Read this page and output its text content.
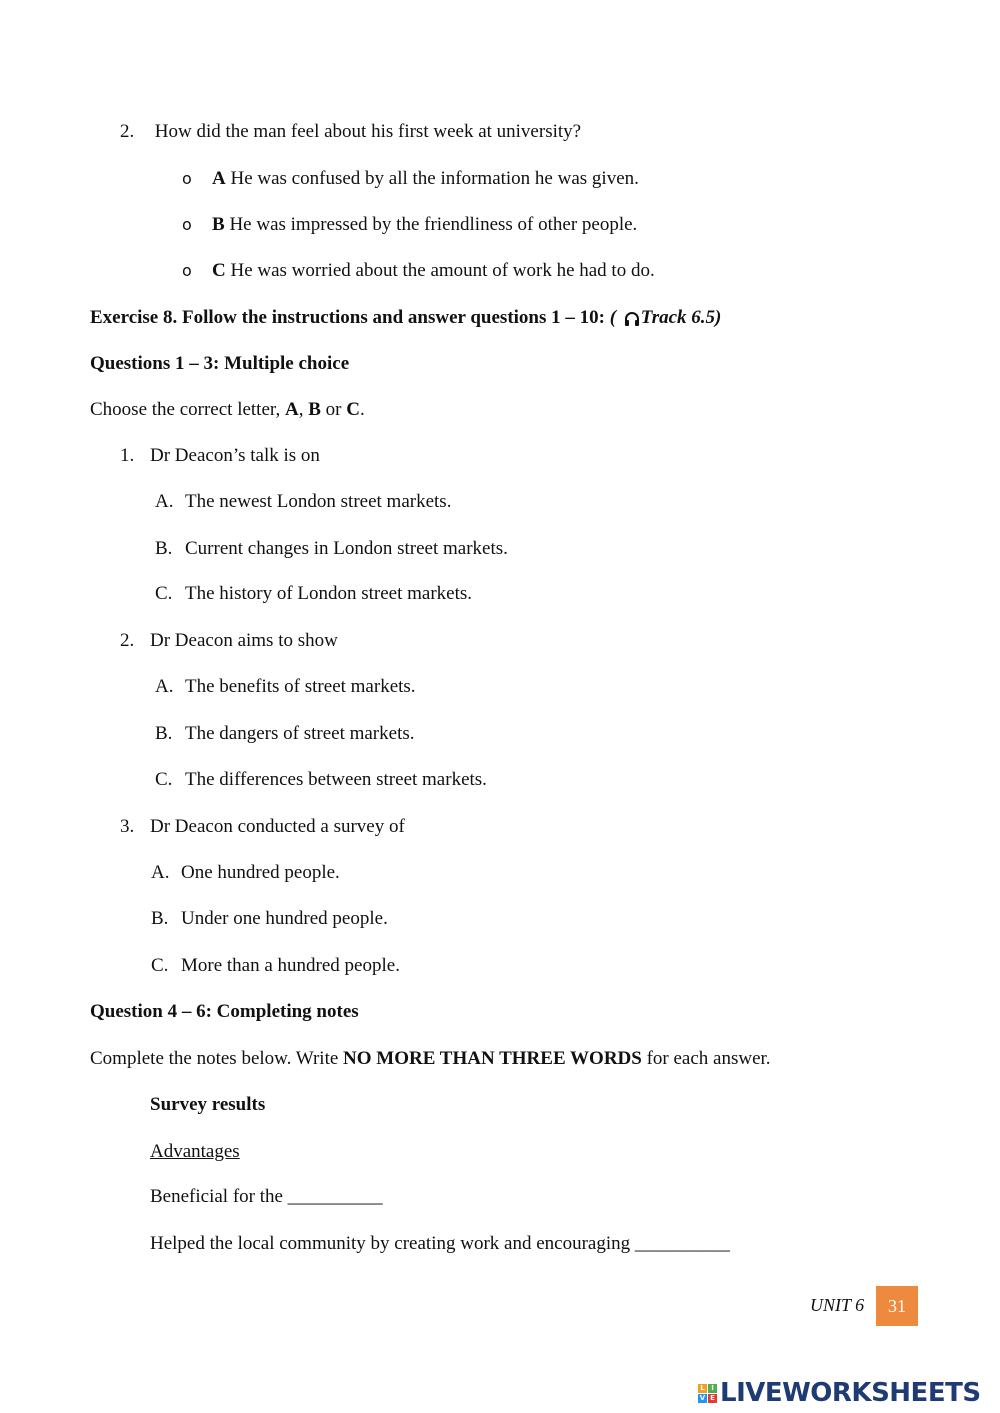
2. How did the man feel about his first week at university?
o A He was confused by all the information he was given.
o B He was impressed by the friendliness of other people.
o C He was worried about the amount of work he had to do.
Exercise 8. Follow the instructions and answer questions 1 – 10: ( Track 6.5)
Questions 1 – 3: Multiple choice
Choose the correct letter, A, B or C.
1. Dr Deacon’s talk is on
A. The newest London street markets.
B. Current changes in London street markets.
C. The history of London street markets.
2. Dr Deacon aims to show
A. The benefits of street markets.
B. The dangers of street markets.
C. The differences between street markets.
3. Dr Deacon conducted a survey of
A. One hundred people.
B. Under one hundred people.
C. More than a hundred people.
Question 4 – 6: Completing notes
Complete the notes below. Write NO MORE THAN THREE WORDS for each answer.
Survey results
Advantages
Beneficial for the __________
Helped the local community by creating work and encouraging __________
UNIT 6	31
L I
V E LIVEWORKSHEETS
